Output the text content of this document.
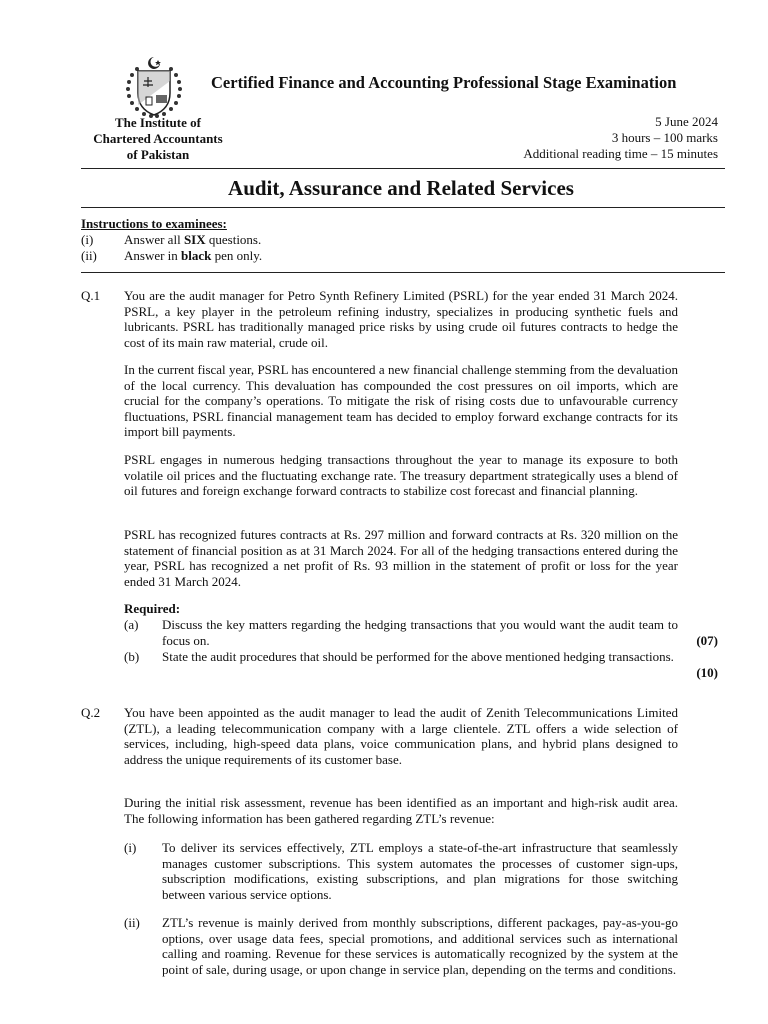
Certified Finance and Accounting Professional Stage Examination
The Institute of
Chartered Accountants
of Pakistan
5 June 2024
3 hours – 100 marks
Additional reading time – 15 minutes
Audit, Assurance and Related Services
Instructions to examinees:
(i) Answer all SIX questions.
(ii) Answer in black pen only.
Q.1 You are the audit manager for Petro Synth Refinery Limited (PSRL) for the year ended 31 March 2024. PSRL, a key player in the petroleum refining industry, specializes in producing synthetic fuels and lubricants. PSRL has traditionally managed price risks by using crude oil futures contracts to hedge the cost of its main raw material, crude oil.

In the current fiscal year, PSRL has encountered a new financial challenge stemming from the devaluation of the local currency. This devaluation has compounded the cost pressures on oil imports, which are crucial for the company’s operations. To mitigate the risk of rising costs due to unfavourable currency fluctuations, PSRL financial management team has decided to employ forward exchange contracts for its import bill payments.

PSRL engages in numerous hedging transactions throughout the year to manage its exposure to both volatile oil prices and the fluctuating exchange rate. The treasury department strategically uses a blend of oil futures and foreign exchange forward contracts to stabilize cost forecast and financial planning.

PSRL has recognized futures contracts at Rs. 297 million and forward contracts at Rs. 320 million on the statement of financial position as at 31 March 2024. For all of the hedging transactions entered during the year, PSRL has recognized a net profit of Rs. 93 million in the statement of profit or loss for the year ended 31 March 2024.

Required:
(a) Discuss the key matters regarding the hedging transactions that you would want the audit team to focus on.	(07)
(b) State the audit procedures that should be performed for the above mentioned hedging transactions.

(10)
Q.2 You have been appointed as the audit manager to lead the audit of Zenith Telecommunications Limited (ZTL), a leading telecommunication company with a large clientele. ZTL offers a wide selection of services, including, high-speed data plans, voice communication plans, and hybrid plans designed to address the unique requirements of its customer base.

During the initial risk assessment, revenue has been identified as an important and high-risk audit area. The following information has been gathered regarding ZTL’s revenue:

(i) To deliver its services effectively, ZTL employs a state-of-the-art infrastructure that seamlessly manages customer subscriptions. This system automates the processes of customer sign-ups, subscription modifications, existing subscriptions, and plan migrations for those switching between various service options.

(ii) ZTL’s revenue is mainly derived from monthly subscriptions, different packages, pay-as-you-go options, over usage data fees, special promotions, and additional services such as international calling and roaming. Revenue for these services is automatically recognized by the system at the point of sale, during usage, or upon change in service plan, depending on the terms and conditions.
